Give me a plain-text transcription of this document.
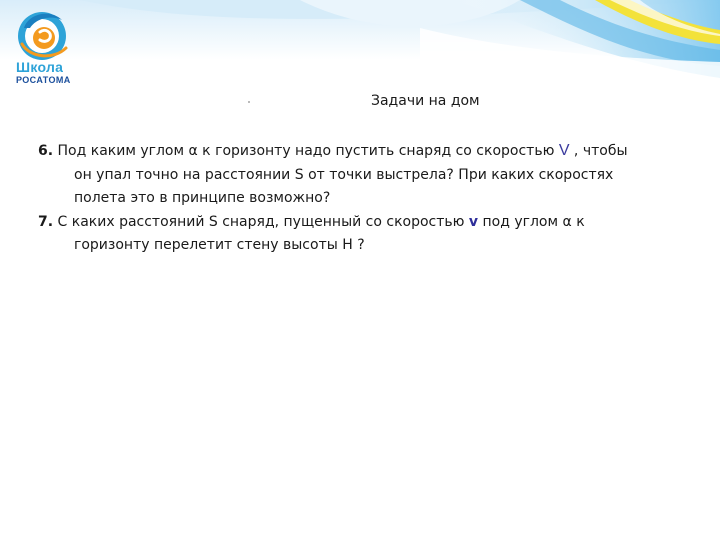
Школа
РОСАТОМА
Задачи на дом
6. Под каким углом α к горизонту надо пустить снаряд со скоростью V , чтобы
он упал точно на расстоянии S от точки выстрела? При каких скоростях
полета это в принципе возможно?
7. С каких расстояний S снаряд, пущенный со скоростью v под углом α к
горизонту перелетит стену высоты H ?
